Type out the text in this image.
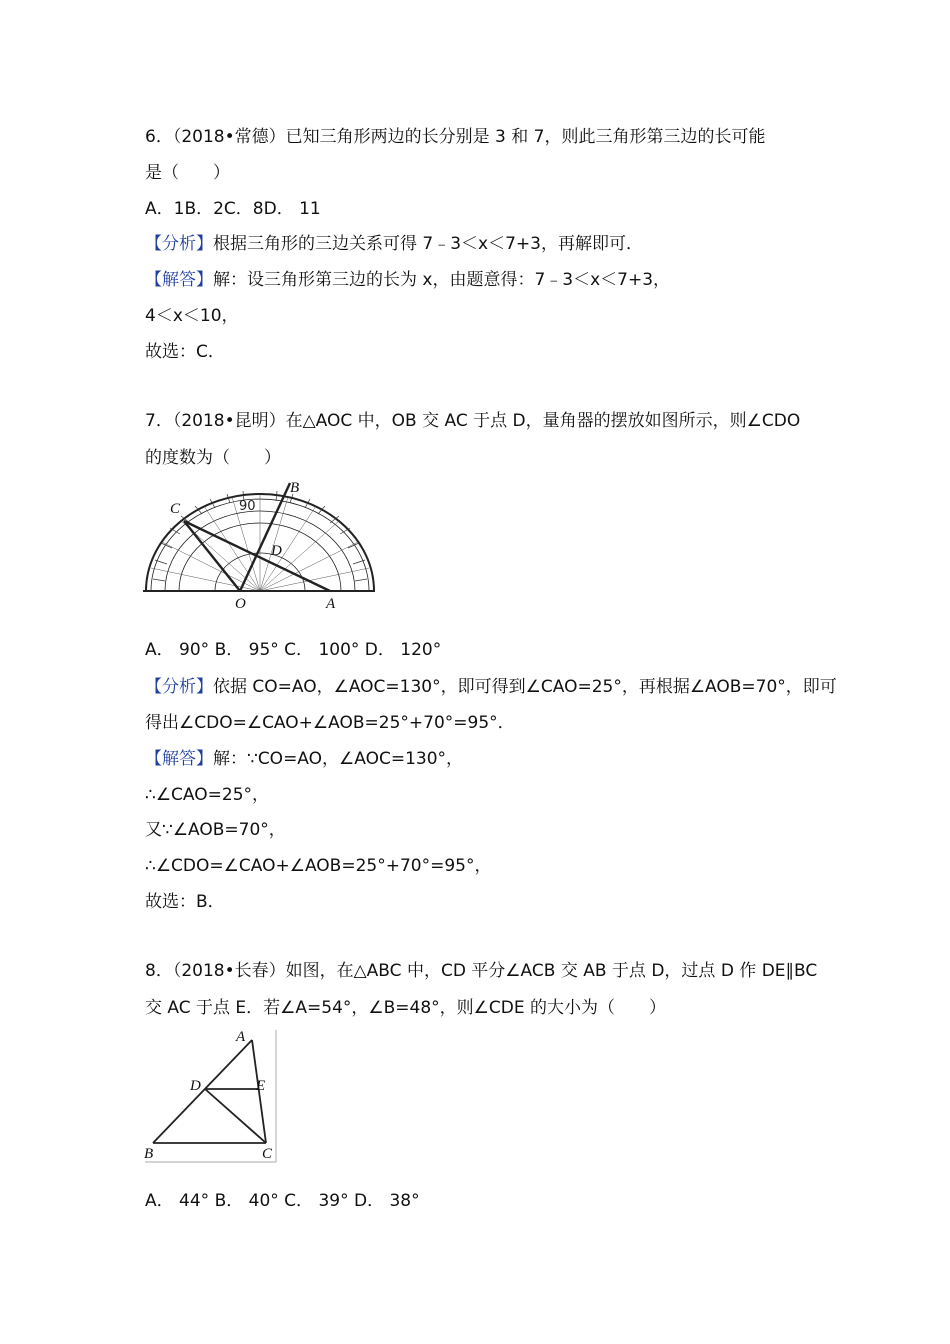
6．（2018•常德）已知三角形两边的长分别是 3 和 7，则此三角形第三边的长可能
是（　　）
A．1B．2C．8D． 11
【分析】根据三角形的三边关系可得 7﹣3＜x＜7+3，再解即可．
【解答】解：设三角形第三边的长为 x，由题意得：7﹣3＜x＜7+3，
4＜x＜10，
故选：C．
7．（2018•昆明）在△AOC 中，OB 交 AC 于点 D，量角器的摆放如图所示，则∠CDO
的度数为（　　）
C
B
D
O	A
90
A． 90° B． 95° C． 100° D． 120°
【分析】依据 CO=AO，∠AOC=130°，即可得到∠CAO=25°，再根据∠AOB=70°，即可
得出∠CDO=∠CAO+∠AOB=25°+70°=95°．
【解答】解：∵CO=AO，∠AOC=130°，
∴∠CAO=25°，
又∵∠AOB=70°，
∴∠CDO=∠CAO+∠AOB=25°+70°=95°，
故选：B．
8．（2018•长春）如图，在△ABC 中，CD 平分∠ACB 交 AB 于点 D，过点 D 作 DE∥BC
交 AC 于点 E．若∠A=54°，∠B=48°，则∠CDE 的大小为（　　）
A
D	E
B	C
A． 44° B． 40° C． 39° D． 38°
